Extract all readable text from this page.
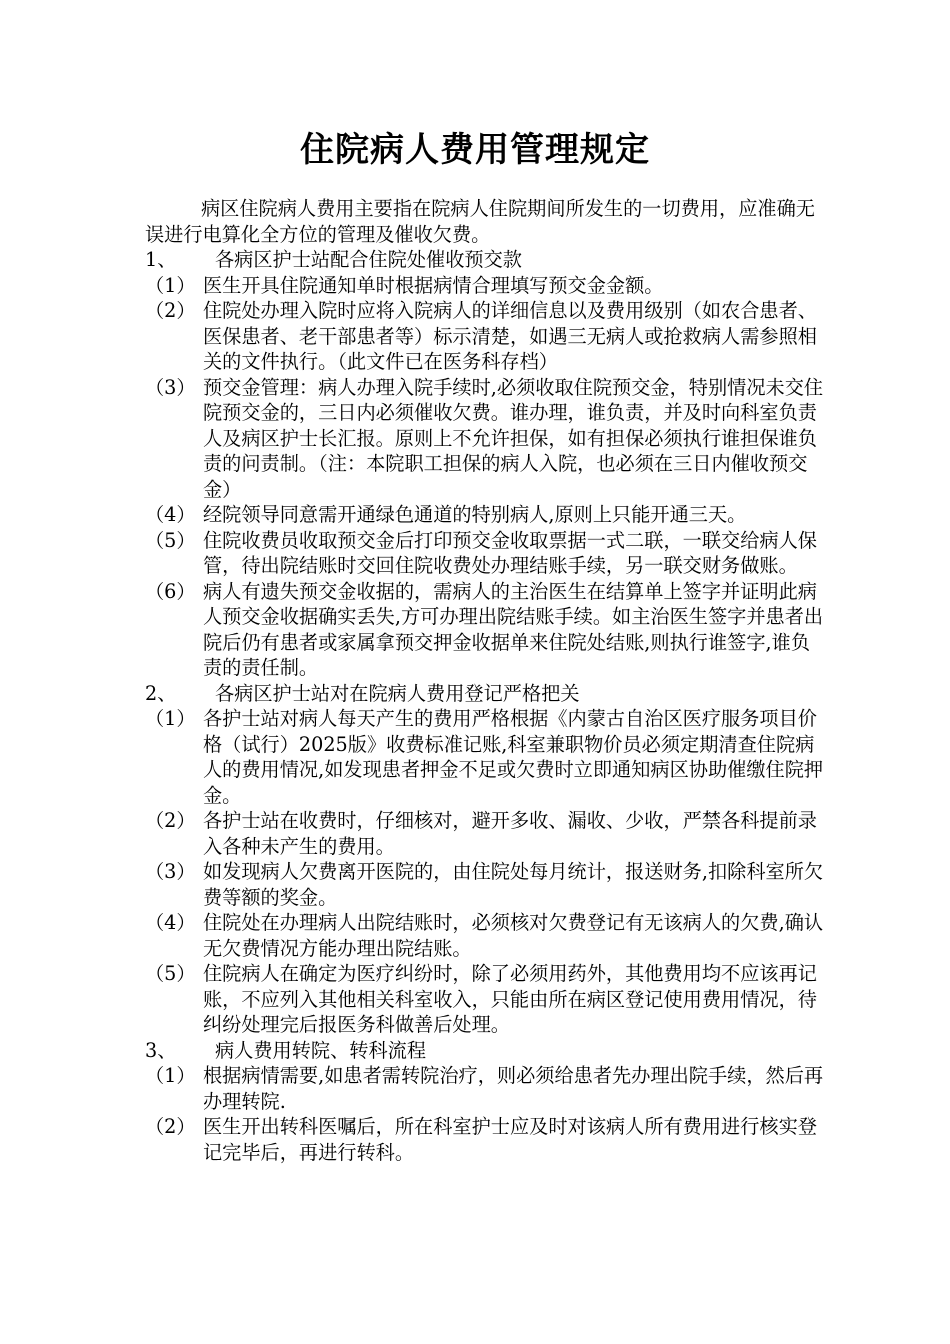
住院病人费用管理规定

病区住院病人费用主要指在院病人住院期间所发生的一切费用，应准确无误进行电算化全方位的管理及催收欠费。

1、	各病区护士站配合住院处催收预交款
（1） 医生开具住院通知单时根据病情合理填写预交金金额。
（2） 住院处办理入院时应将入院病人的详细信息以及费用级别（如农合患者、医保患者、老干部患者等）标示清楚，如遇三无病人或抢救病人需参照相关的文件执行。（此文件已在医务科存档）
（3） 预交金管理：病人办理入院手续时,必须收取住院预交金，特别情况未交住院预交金的，三日内必须催收欠费。谁办理，谁负责，并及时向科室负责人及病区护士长汇报。原则上不允许担保，如有担保必须执行谁担保谁负责的问责制。（注：本院职工担保的病人入院，也必须在三日内催收预交金）
（4） 经院领导同意需开通绿色通道的特别病人,原则上只能开通三天。
（5） 住院收费员收取预交金后打印预交金收取票据一式二联，一联交给病人保管，待出院结账时交回住院收费处办理结账手续，另一联交财务做账。
（6） 病人有遗失预交金收据的，需病人的主治医生在结算单上签字并证明此病人预交金收据确实丢失,方可办理出院结账手续。如主治医生签字并患者出院后仍有患者或家属拿预交押金收据单来住院处结账,则执行谁签字,谁负责的责任制。
2、	各病区护士站对在院病人费用登记严格把关
（1） 各护士站对病人每天产生的费用严格根据《内蒙古自治区医疗服务项目价格（试行）2025版》收费标准记账,科室兼职物价员必须定期清查住院病人的费用情况,如发现患者押金不足或欠费时立即通知病区协助催缴住院押金。
（2） 各护士站在收费时，仔细核对，避开多收、漏收、少收，严禁各科提前录入各种未产生的费用。
（3） 如发现病人欠费离开医院的，由住院处每月统计，报送财务,扣除科室所欠费等额的奖金。
（4） 住院处在办理病人出院结账时，必须核对欠费登记有无该病人的欠费,确认无欠费情况方能办理出院结账。
（5） 住院病人在确定为医疗纠纷时，除了必须用药外，其他费用均不应该再记账，不应列入其他相关科室收入，只能由所在病区登记使用费用情况，待纠纷处理完后报医务科做善后处理。
3、	病人费用转院、转科流程
（1） 根据病情需要,如患者需转院治疗，则必须给患者先办理出院手续，然后再办理转院.
（2） 医生开出转科医嘱后，所在科室护士应及时对该病人所有费用进行核实登记完毕后，再进行转科。
